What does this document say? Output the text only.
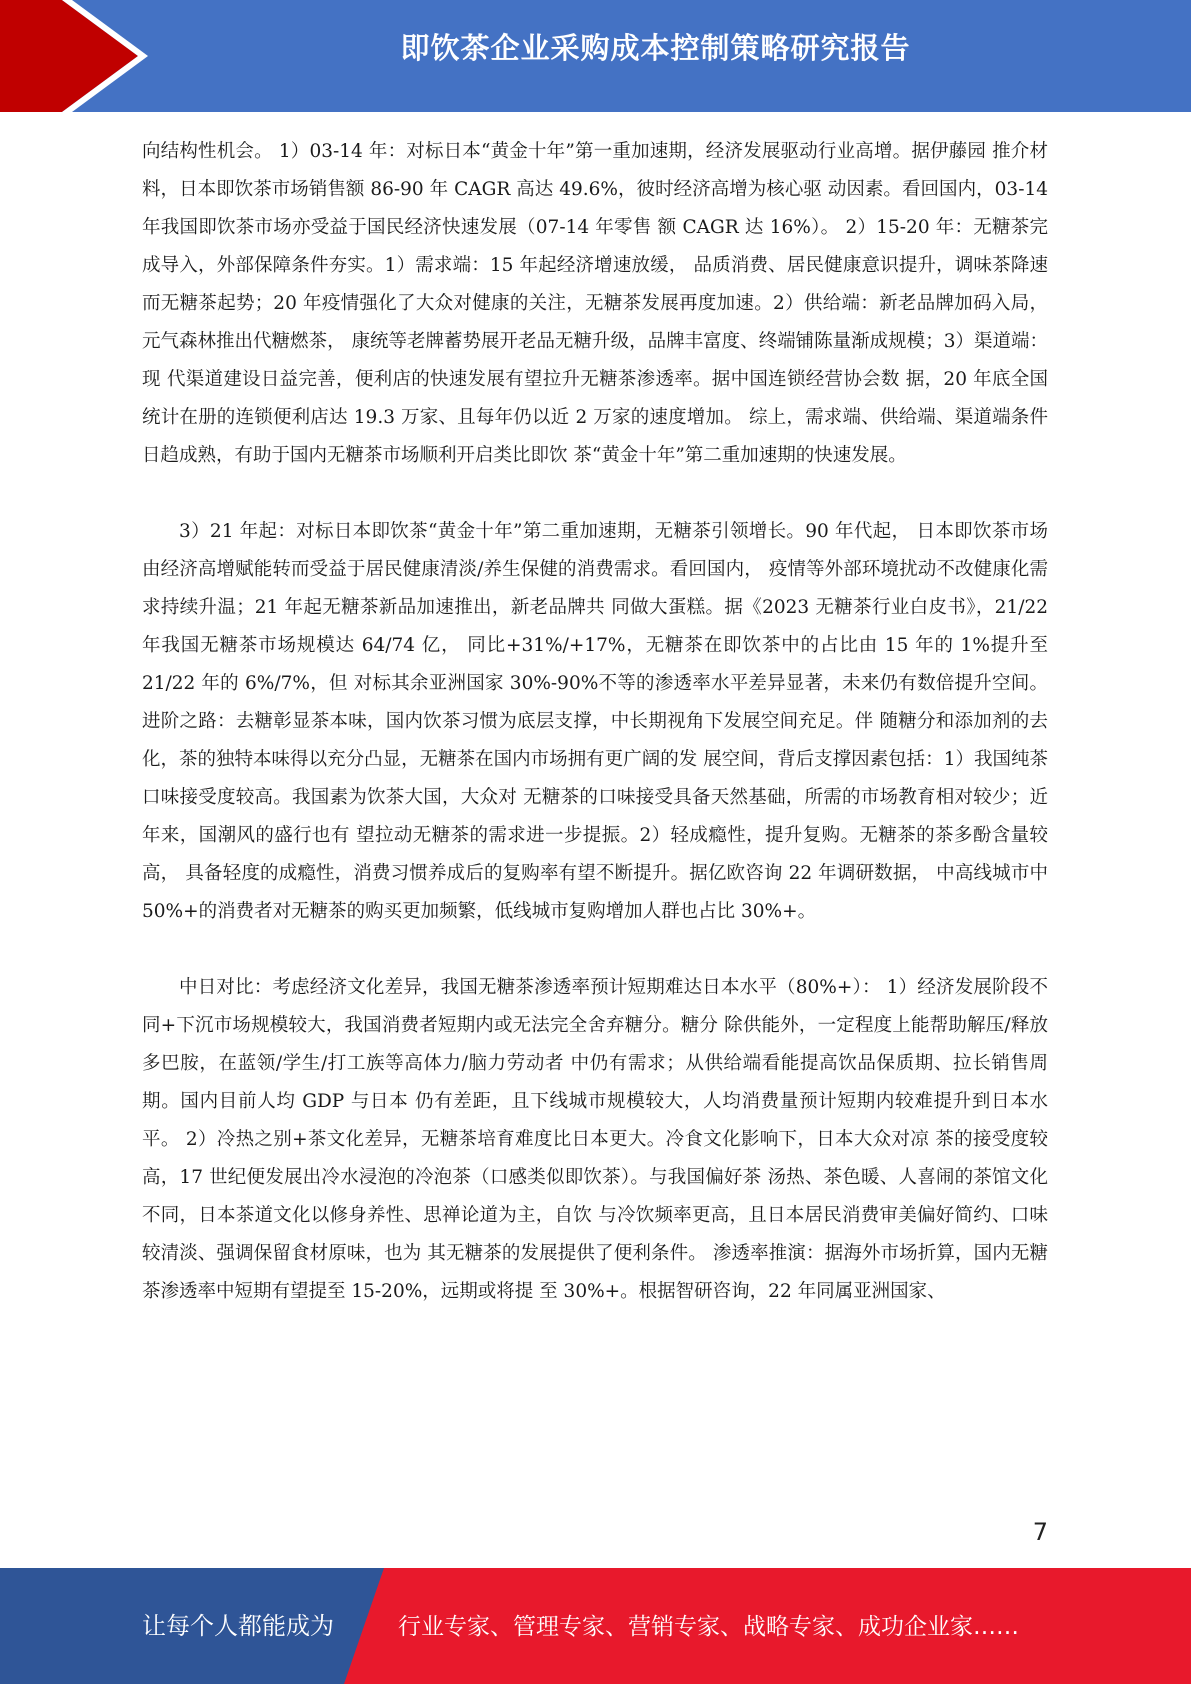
即饮茶企业采购成本控制策略研究报告

向结构性机会。 1）03-14 年：对标日本“黄金十年”第一重加速期，经济发展驱动行业高增。据伊藤园 推介材料，日本即饮茶市场销售额 86-90 年 CAGR 高达 49.6%，彼时经济高增为核心驱 动因素。看回国内，03-14 年我国即饮茶市场亦受益于国民经济快速发展（07-14 年零售 额 CAGR 达 16%）。 2）15-20 年：无糖茶完成导入，外部保障条件夯实。1）需求端：15 年起经济增速放缓， 品质消费、居民健康意识提升，调味茶降速而无糖茶起势；20 年疫情强化了大众对健康的关注，无糖茶发展再度加速。2）供给端：新老品牌加码入局，元气森林推出代糖燃茶， 康统等老牌蓄势展开老品无糖升级，品牌丰富度、终端铺陈量渐成规模；3）渠道端：现 代渠道建设日益完善，便利店的快速发展有望拉升无糖茶渗透率。据中国连锁经营协会数 据，20 年底全国统计在册的连锁便利店达 19.3 万家、且每年仍以近 2 万家的速度增加。 综上，需求端、供给端、渠道端条件日趋成熟，有助于国内无糖茶市场顺利开启类比即饮 茶“黄金十年”第二重加速期的快速发展。

3）21 年起：对标日本即饮茶“黄金十年”第二重加速期，无糖茶引领增长。90 年代起， 日本即饮茶市场由经济高增赋能转而受益于居民健康清淡/养生保健的消费需求。看回国内， 疫情等外部环境扰动不改健康化需求持续升温；21 年起无糖茶新品加速推出，新老品牌共 同做大蛋糕。据《2023 无糖茶行业白皮书》，21/22 年我国无糖茶市场规模达 64/74 亿， 同比+31%/+17%，无糖茶在即饮茶中的占比由 15 年的 1%提升至 21/22 年的 6%/7%，但 对标其余亚洲国家 30%-90%不等的渗透率水平差异显著，未来仍有数倍提升空间。 进阶之路：去糖彰显茶本味，国内饮茶习惯为底层支撑，中长期视角下发展空间充足。伴 随糖分和添加剂的去化，茶的独特本味得以充分凸显，无糖茶在国内市场拥有更广阔的发 展空间，背后支撑因素包括：1）我国纯茶口味接受度较高。我国素为饮茶大国，大众对 无糖茶的口味接受具备天然基础，所需的市场教育相对较少；近年来，国潮风的盛行也有 望拉动无糖茶的需求进一步提振。2）轻成瘾性，提升复购。无糖茶的茶多酚含量较高， 具备轻度的成瘾性，消费习惯养成后的复购率有望不断提升。据亿欧咨询 22 年调研数据， 中高线城市中 50%+的消费者对无糖茶的购买更加频繁，低线城市复购增加人群也占比 30%+。

中日对比：考虑经济文化差异，我国无糖茶渗透率预计短期难达日本水平（80%+）： 1）经济发展阶段不同+下沉市场规模较大，我国消费者短期内或无法完全舍弃糖分。糖分 除供能外，一定程度上能帮助解压/释放多巴胺，在蓝领/学生/打工族等高体力/脑力劳动者 中仍有需求；从供给端看能提高饮品保质期、拉长销售周期。国内目前人均 GDP 与日本 仍有差距，且下线城市规模较大，人均消费量预计短期内较难提升到日本水平。 2）冷热之别+茶文化差异，无糖茶培育难度比日本更大。冷食文化影响下，日本大众对凉 茶的接受度较高，17 世纪便发展出冷水浸泡的冷泡茶（口感类似即饮茶）。与我国偏好茶 汤热、茶色暖、人喜闹的茶馆文化不同，日本茶道文化以修身养性、思禅论道为主，自饮 与冷饮频率更高，且日本居民消费审美偏好简约、口味较清淡、强调保留食材原味，也为 其无糖茶的发展提供了便利条件。 渗透率推演：据海外市场折算，国内无糖茶渗透率中短期有望提至 15-20%，远期或将提 至 30%+。根据智研咨询，22 年同属亚洲国家、

7
让每个人都能成为	行业专家、管理专家、营销专家、战略专家、成功企业家……
